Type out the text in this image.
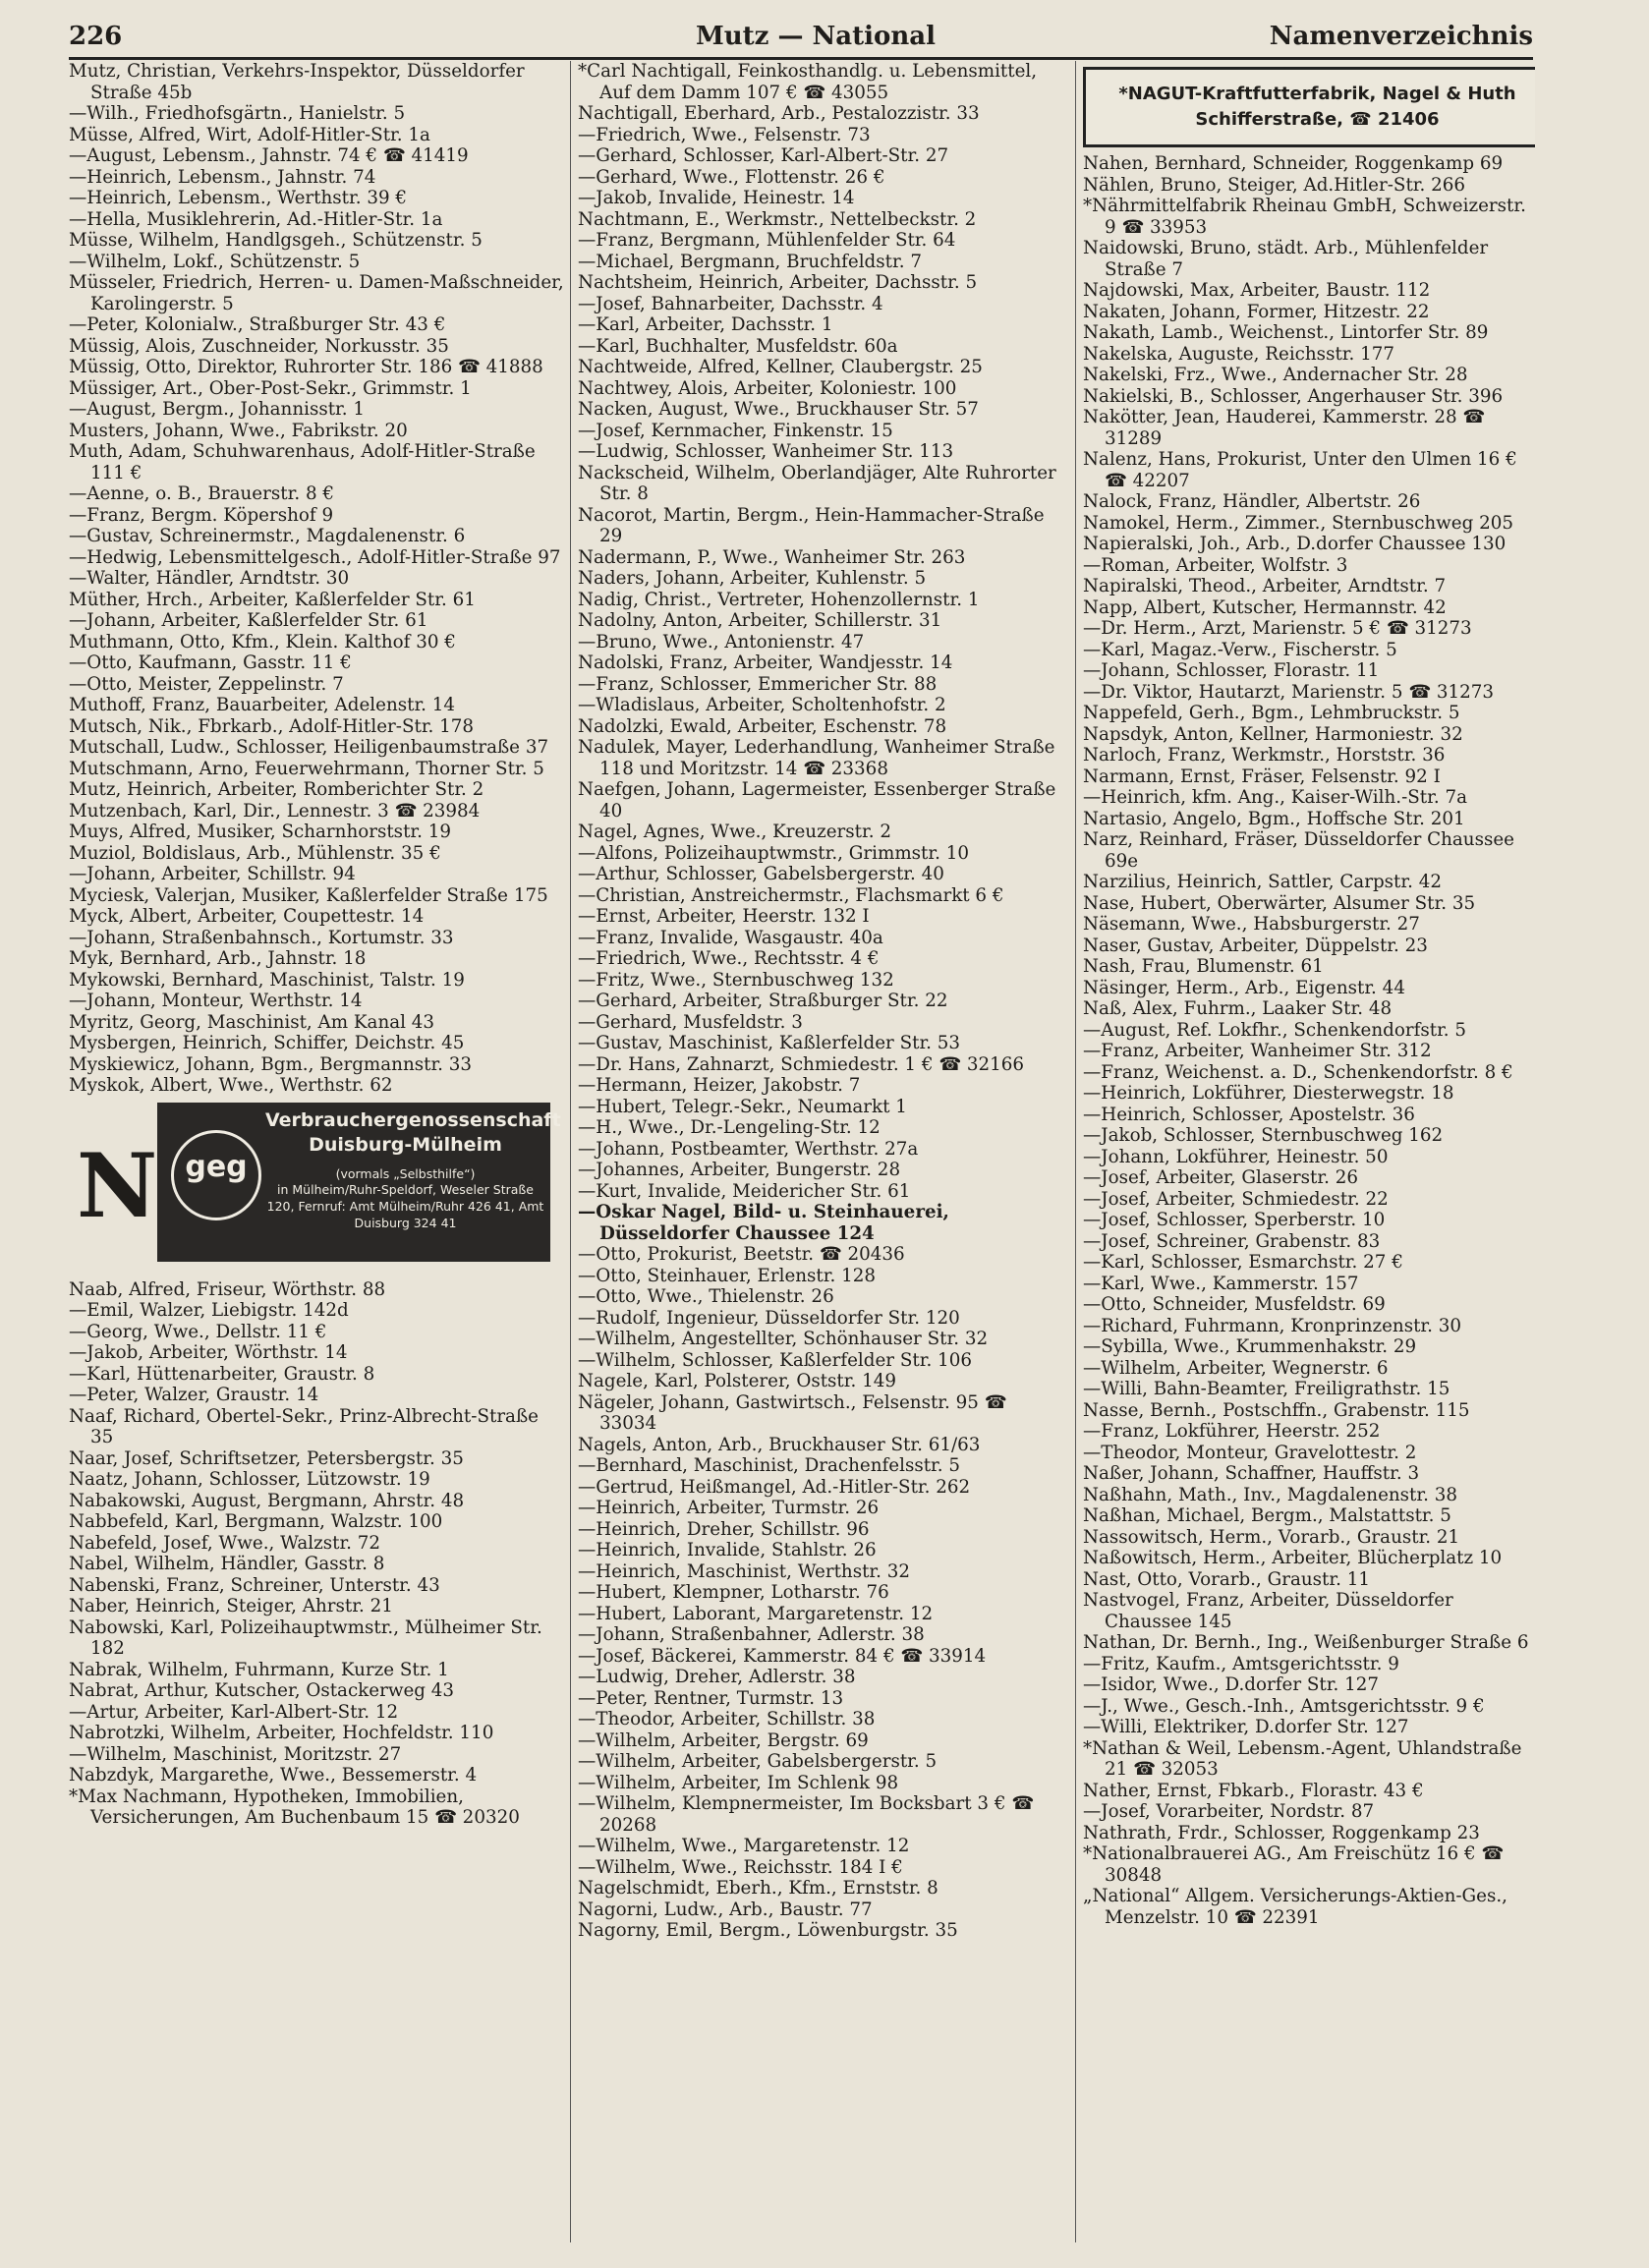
226	Mutz — National	Namenverzeichnis

Mutz, Christian, Verkehrs-Inspektor, Düsseldorfer Straße 45b

—Wilh., Friedhofsgärtn., Hanielstr. 5

Müsse, Alfred, Wirt, Adolf-Hitler-Str. 1a

—August, Lebensm., Jahnstr. 74 € ☎ 41419

—Heinrich, Lebensm., Jahnstr. 74

—Heinrich, Lebensm., Werthstr. 39 €

—Hella, Musiklehrerin, Ad.-Hitler-Str. 1a

Müsse, Wilhelm, Handlgsgeh., Schützenstr. 5

—Wilhelm, Lokf., Schützenstr. 5

Müsseler, Friedrich, Herren- u. Damen-Maßschneider, Karolingerstr. 5

—Peter, Kolonialw., Straßburger Str. 43 €

Müssig, Alois, Zuschneider, Norkusstr. 35

Müssig, Otto, Direktor, Ruhrorter Str. 186 ☎ 41888

Müssiger, Art., Ober-Post-Sekr., Grimmstr. 1

—August, Bergm., Johannisstr. 1

Musters, Johann, Wwe., Fabrikstr. 20

Muth, Adam, Schuhwarenhaus, Adolf-Hitler-Straße 111 €

—Aenne, o. B., Brauerstr. 8 €

—Franz, Bergm. Köpershof 9

—Gustav, Schreinermstr., Magdalenenstr. 6

—Hedwig, Lebensmittelgesch., Adolf-Hitler-Straße 97

—Walter, Händler, Arndtstr. 30

Müther, Hrch., Arbeiter, Kaßlerfelder Str. 61

—Johann, Arbeiter, Kaßlerfelder Str. 61

Muthmann, Otto, Kfm., Klein. Kalthof 30 €

—Otto, Kaufmann, Gasstr. 11 €

—Otto, Meister, Zeppelinstr. 7

Muthoff, Franz, Bauarbeiter, Adelenstr. 14

Mutsch, Nik., Fbrkarb., Adolf-Hitler-Str. 178

Mutschall, Ludw., Schlosser, Heiligenbaumstraße 37

Mutschmann, Arno, Feuerwehrmann, Thorner Str. 5

Mutz, Heinrich, Arbeiter, Romberichter Str. 2

Mutzenbach, Karl, Dir., Lennestr. 3 ☎ 23984

Muys, Alfred, Musiker, Scharnhorststr. 19

Muziol, Boldislaus, Arb., Mühlenstr. 35 €

—Johann, Arbeiter, Schillstr. 94

Myciesk, Valerjan, Musiker, Kaßlerfelder Straße 175

Myck, Albert, Arbeiter, Coupettestr. 14

—Johann, Straßenbahnsch., Kortumstr. 33

Myk, Bernhard, Arb., Jahnstr. 18

Mykowski, Bernhard, Maschinist, Talstr. 19

—Johann, Monteur, Werthstr. 14

Myritz, Georg, Maschinist, Am Kanal 43

Mysbergen, Heinrich, Schiffer, Deichstr. 45

Myskiewicz, Johann, Bgm., Bergmannstr. 33

Myskok, Albert, Wwe., Werthstr. 62

N geg
Verbrauchergenossenschaft
Duisburg-Mülheim
(vormals „Selbsthilfe“)
in Mülheim/Ruhr-Speldorf, Weseler Straße 120, Fernruf: Amt Mülheim/Ruhr 426 41, Amt Duisburg 324 41

Naab, Alfred, Friseur, Wörthstr. 88

—Emil, Walzer, Liebigstr. 142d

—Georg, Wwe., Dellstr. 11 €

—Jakob, Arbeiter, Wörthstr. 14

—Karl, Hüttenarbeiter, Graustr. 8

—Peter, Walzer, Graustr. 14

Naaf, Richard, Obertel-Sekr., Prinz-Albrecht-Straße 35

Naar, Josef, Schriftsetzer, Petersbergstr. 35

Naatz, Johann, Schlosser, Lützowstr. 19

Nabakowski, August, Bergmann, Ahrstr. 48

Nabbefeld, Karl, Bergmann, Walzstr. 100

Nabefeld, Josef, Wwe., Walzstr. 72

Nabel, Wilhelm, Händler, Gasstr. 8

Nabenski, Franz, Schreiner, Unterstr. 43

Naber, Heinrich, Steiger, Ahrstr. 21

Nabowski, Karl, Polizeihauptwmstr., Mülheimer Str. 182

Nabrak, Wilhelm, Fuhrmann, Kurze Str. 1

Nabrat, Arthur, Kutscher, Ostackerweg 43

—Artur, Arbeiter, Karl-Albert-Str. 12

Nabrotzki, Wilhelm, Arbeiter, Hochfeldstr. 110

—Wilhelm, Maschinist, Moritzstr. 27

Nabzdyk, Margarethe, Wwe., Bessemerstr. 4

*Max Nachmann, Hypotheken, Immobilien, Versicherungen, Am Buchenbaum 15 ☎ 20320

*Carl Nachtigall, Feinkosthandlg. u. Lebensmittel, Auf dem Damm 107 € ☎ 43055

Nachtigall, Eberhard, Arb., Pestalozzistr. 33

—Friedrich, Wwe., Felsenstr. 73

—Gerhard, Schlosser, Karl-Albert-Str. 27

—Gerhard, Wwe., Flottenstr. 26 €

—Jakob, Invalide, Heinestr. 14

Nachtmann, E., Werkmstr., Nettelbeckstr. 2

—Franz, Bergmann, Mühlenfelder Str. 64

—Michael, Bergmann, Bruchfeldstr. 7

Nachtsheim, Heinrich, Arbeiter, Dachsstr. 5

—Josef, Bahnarbeiter, Dachsstr. 4

—Karl, Arbeiter, Dachsstr. 1

—Karl, Buchhalter, Musfeldstr. 60a

Nachtweide, Alfred, Kellner, Claubergstr. 25

Nachtwey, Alois, Arbeiter, Koloniestr. 100

Nacken, August, Wwe., Bruckhauser Str. 57

—Josef, Kernmacher, Finkenstr. 15

—Ludwig, Schlosser, Wanheimer Str. 113

Nackscheid, Wilhelm, Oberlandjäger, Alte Ruhrorter Str. 8

Nacorot, Martin, Bergm., Hein-Hammacher-Straße 29

Nadermann, P., Wwe., Wanheimer Str. 263

Naders, Johann, Arbeiter, Kuhlenstr. 5

Nadig, Christ., Vertreter, Hohenzollernstr. 1

Nadolny, Anton, Arbeiter, Schillerstr. 31

—Bruno, Wwe., Antonienstr. 47

Nadolski, Franz, Arbeiter, Wandjesstr. 14

—Franz, Schlosser, Emmericher Str. 88

—Wladislaus, Arbeiter, Scholtenhofstr. 2

Nadolzki, Ewald, Arbeiter, Eschenstr. 78

Nadulek, Mayer, Lederhandlung, Wanheimer Straße 118 und Moritzstr. 14 ☎ 23368

Naefgen, Johann, Lagermeister, Essenberger Straße 40

Nagel, Agnes, Wwe., Kreuzerstr. 2

—Alfons, Polizeihauptwmstr., Grimmstr. 10

—Arthur, Schlosser, Gabelsbergerstr. 40

—Christian, Anstreichermstr., Flachsmarkt 6 €

—Ernst, Arbeiter, Heerstr. 132 I

—Franz, Invalide, Wasgaustr. 40a

—Friedrich, Wwe., Rechtsstr. 4 €

—Fritz, Wwe., Sternbuschweg 132

—Gerhard, Arbeiter, Straßburger Str. 22

—Gerhard, Musfeldstr. 3

—Gustav, Maschinist, Kaßlerfelder Str. 53

—Dr. Hans, Zahnarzt, Schmiedestr. 1 € ☎ 32166

—Hermann, Heizer, Jakobstr. 7

—Hubert, Telegr.-Sekr., Neumarkt 1

—H., Wwe., Dr.-Lengeling-Str. 12

—Johann, Postbeamter, Werthstr. 27a

—Johannes, Arbeiter, Bungerstr. 28

—Kurt, Invalide, Meidericher Str. 61

—Oskar Nagel, Bild- u. Steinhauerei, Düsseldorfer Chaussee 124

—Otto, Prokurist, Beetstr. ☎ 20436

—Otto, Steinhauer, Erlenstr. 128

—Otto, Wwe., Thielenstr. 26

—Rudolf, Ingenieur, Düsseldorfer Str. 120

—Wilhelm, Angestellter, Schönhauser Str. 32

—Wilhelm, Schlosser, Kaßlerfelder Str. 106

Nagele, Karl, Polsterer, Oststr. 149

Nägeler, Johann, Gastwirtsch., Felsenstr. 95 ☎ 33034

Nagels, Anton, Arb., Bruckhauser Str. 61/63

—Bernhard, Maschinist, Drachenfelsstr. 5

—Gertrud, Heißmangel, Ad.-Hitler-Str. 262

—Heinrich, Arbeiter, Turmstr. 26

—Heinrich, Dreher, Schillstr. 96

—Heinrich, Invalide, Stahlstr. 26

—Heinrich, Maschinist, Werthstr. 32

—Hubert, Klempner, Lotharstr. 76

—Hubert, Laborant, Margaretenstr. 12

—Johann, Straßenbahner, Adlerstr. 38

—Josef, Bäckerei, Kammerstr. 84 € ☎ 33914

—Ludwig, Dreher, Adlerstr. 38

—Peter, Rentner, Turmstr. 13

—Theodor, Arbeiter, Schillstr. 38

—Wilhelm, Arbeiter, Bergstr. 69

—Wilhelm, Arbeiter, Gabelsbergerstr. 5

—Wilhelm, Arbeiter, Im Schlenk 98

—Wilhelm, Klempnermeister, Im Bocksbart 3 € ☎ 20268

—Wilhelm, Wwe., Margaretenstr. 12

—Wilhelm, Wwe., Reichsstr. 184 I €

Nagelschmidt, Eberh., Kfm., Ernststr. 8

Nagorni, Ludw., Arb., Baustr. 77

Nagorny, Emil, Bergm., Löwenburgstr. 35

*NAGUT-Kraftfutterfabrik, Nagel & Huth
Schifferstraße, ☎ 21406

Nahen, Bernhard, Schneider, Roggenkamp 69

Nählen, Bruno, Steiger, Ad.Hitler-Str. 266

*Nährmittelfabrik Rheinau GmbH, Schweizerstr. 9 ☎ 33953

Naidowski, Bruno, städt. Arb., Mühlenfelder Straße 7

Najdowski, Max, Arbeiter, Baustr. 112

Nakaten, Johann, Former, Hitzestr. 22

Nakath, Lamb., Weichenst., Lintorfer Str. 89

Nakelska, Auguste, Reichsstr. 177

Nakelski, Frz., Wwe., Andernacher Str. 28

Nakielski, B., Schlosser, Angerhauser Str. 396

Nakötter, Jean, Hauderei, Kammerstr. 28 ☎ 31289

Nalenz, Hans, Prokurist, Unter den Ulmen 16 € ☎ 42207

Nalock, Franz, Händler, Albertstr. 26

Namokel, Herm., Zimmer., Sternbuschweg 205

Napieralski, Joh., Arb., D.dorfer Chaussee 130

—Roman, Arbeiter, Wolfstr. 3

Napiralski, Theod., Arbeiter, Arndtstr. 7

Napp, Albert, Kutscher, Hermannstr. 42

—Dr. Herm., Arzt, Marienstr. 5 € ☎ 31273

—Karl, Magaz.-Verw., Fischerstr. 5

—Johann, Schlosser, Florastr. 11

—Dr. Viktor, Hautarzt, Marienstr. 5 ☎ 31273

Nappefeld, Gerh., Bgm., Lehmbruckstr. 5

Napsdyk, Anton, Kellner, Harmoniestr. 32

Narloch, Franz, Werkmstr., Horststr. 36

Narmann, Ernst, Fräser, Felsenstr. 92 I

—Heinrich, kfm. Ang., Kaiser-Wilh.-Str. 7a

Nartasio, Angelo, Bgm., Hoffsche Str. 201

Narz, Reinhard, Fräser, Düsseldorfer Chaussee 69e

Narzilius, Heinrich, Sattler, Carpstr. 42

Nase, Hubert, Oberwärter, Alsumer Str. 35

Näsemann, Wwe., Habsburgerstr. 27

Naser, Gustav, Arbeiter, Düppelstr. 23

Nash, Frau, Blumenstr. 61

Näsinger, Herm., Arb., Eigenstr. 44

Naß, Alex, Fuhrm., Laaker Str. 48

—August, Ref. Lokfhr., Schenkendorfstr. 5

—Franz, Arbeiter, Wanheimer Str. 312

—Franz, Weichenst. a. D., Schenkendorfstr. 8 €

—Heinrich, Lokführer, Diesterwegstr. 18

—Heinrich, Schlosser, Apostelstr. 36

—Jakob, Schlosser, Sternbuschweg 162

—Johann, Lokführer, Heinestr. 50

—Josef, Arbeiter, Glaserstr. 26

—Josef, Arbeiter, Schmiedestr. 22

—Josef, Schlosser, Sperberstr. 10

—Josef, Schreiner, Grabenstr. 83

—Karl, Schlosser, Esmarchstr. 27 €

—Karl, Wwe., Kammerstr. 157

—Otto, Schneider, Musfeldstr. 69

—Richard, Fuhrmann, Kronprinzenstr. 30

—Sybilla, Wwe., Krummenhakstr. 29

—Wilhelm, Arbeiter, Wegnerstr. 6

—Willi, Bahn-Beamter, Freiligrathstr. 15

Nasse, Bernh., Postschffn., Grabenstr. 115

—Franz, Lokführer, Heerstr. 252

—Theodor, Monteur, Gravelottestr. 2

Naßer, Johann, Schaffner, Hauffstr. 3

Naßhahn, Math., Inv., Magdalenenstr. 38

Naßhan, Michael, Bergm., Malstattstr. 5

Nassowitsch, Herm., Vorarb., Graustr. 21

Naßowitsch, Herm., Arbeiter, Blücherplatz 10

Nast, Otto, Vorarb., Graustr. 11

Nastvogel, Franz, Arbeiter, Düsseldorfer Chaussee 145

Nathan, Dr. Bernh., Ing., Weißenburger Straße 6

—Fritz, Kaufm., Amtsgerichtsstr. 9

—Isidor, Wwe., D.dorfer Str. 127

—J., Wwe., Gesch.-Inh., Amtsgerichtsstr. 9 €

—Willi, Elektriker, D.dorfer Str. 127

*Nathan & Weil, Lebensm.-Agent, Uhlandstraße 21 ☎ 32053

Nather, Ernst, Fbkarb., Florastr. 43 €

—Josef, Vorarbeiter, Nordstr. 87

Nathrath, Frdr., Schlosser, Roggenkamp 23

*Nationalbrauerei AG., Am Freischütz 16 € ☎ 30848

„National“ Allgem. Versicherungs-Aktien-Ges., Menzelstr. 10 ☎ 22391
